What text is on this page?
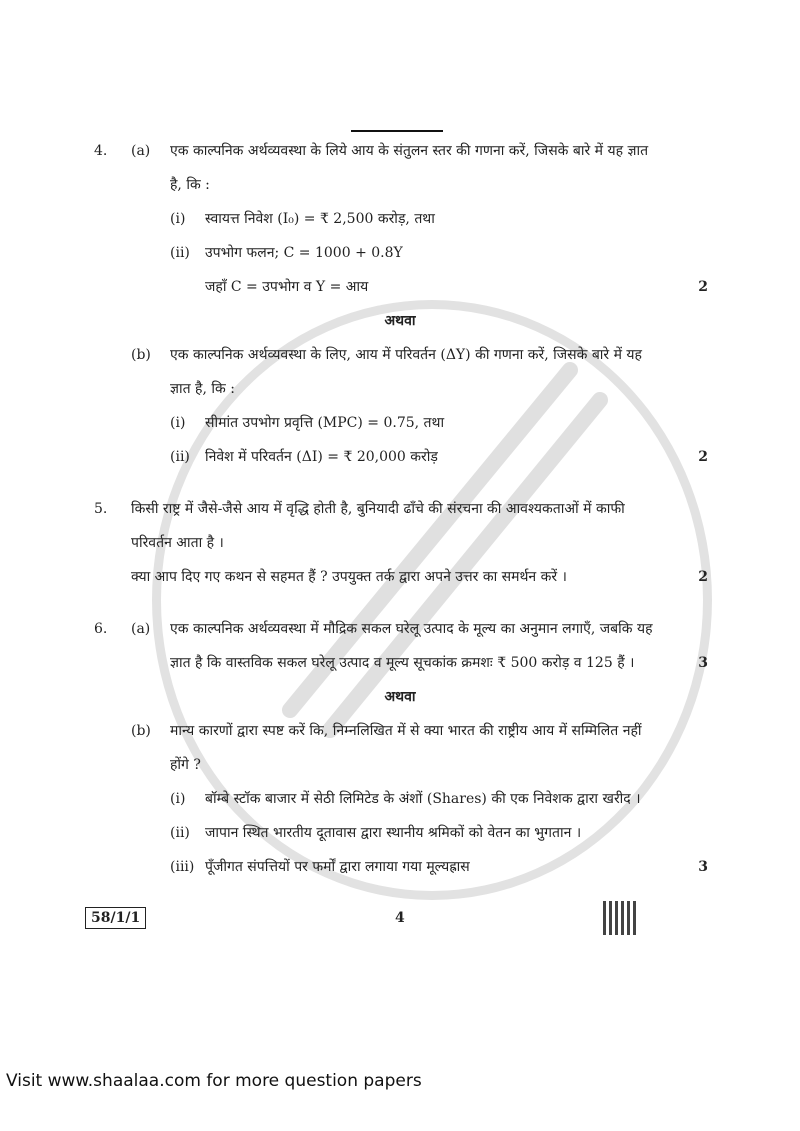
4. (a) एक काल्पनिक अर्थव्यवस्था के लिये आय के संतुलन स्तर की गणना करें, जिसके बारे में यह ज्ञात
है, कि :
(i) स्वायत्त निवेश (I₀) = ₹ 2,500 करोड़, तथा
(ii) उपभोग फलन; C = 1000 + 0.8Y
जहाँ C = उपभोग व Y = आय	2
अथवा
(b) एक काल्पनिक अर्थव्यवस्था के लिए, आय में परिवर्तन (ΔY) की गणना करें, जिसके बारे में यह
ज्ञात है, कि :
(i) सीमांत उपभोग प्रवृत्ति (MPC) = 0.75, तथा
(ii) निवेश में परिवर्तन (ΔI) = ₹ 20,000 करोड़	2
5. किसी राष्ट्र में जैसे-जैसे आय में वृद्धि होती है, बुनियादी ढाँचे की संरचना की आवश्यकताओं में काफी
परिवर्तन आता है ।
क्या आप दिए गए कथन से सहमत हैं ? उपयुक्त तर्क द्वारा अपने उत्तर का समर्थन करें ।	2
6. (a) एक काल्पनिक अर्थव्यवस्था में मौद्रिक सकल घरेलू उत्पाद के मूल्य का अनुमान लगाएँ, जबकि यह
ज्ञात है कि वास्तविक सकल घरेलू उत्पाद व मूल्य सूचकांक क्रमशः ₹ 500 करोड़ व 125 हैं ।	3
अथवा
(b) मान्य कारणों द्वारा स्पष्ट करें कि, निम्नलिखित में से क्या भारत की राष्ट्रीय आय में सम्मिलित नहीं
होंगे ?
(i) बॉम्बे स्टॉक बाजार में सेठी लिमिटेड के अंशों (Shares) की एक निवेशक द्वारा खरीद ।
(ii) जापान स्थित भारतीय दूतावास द्वारा स्थानीय श्रमिकों को वेतन का भुगतान ।
(iii) पूँजीगत संपत्तियों पर फर्मों द्वारा लगाया गया मूल्यह्रास	3
58/1/1	4
Visit www.shaalaa.com for more question papers
